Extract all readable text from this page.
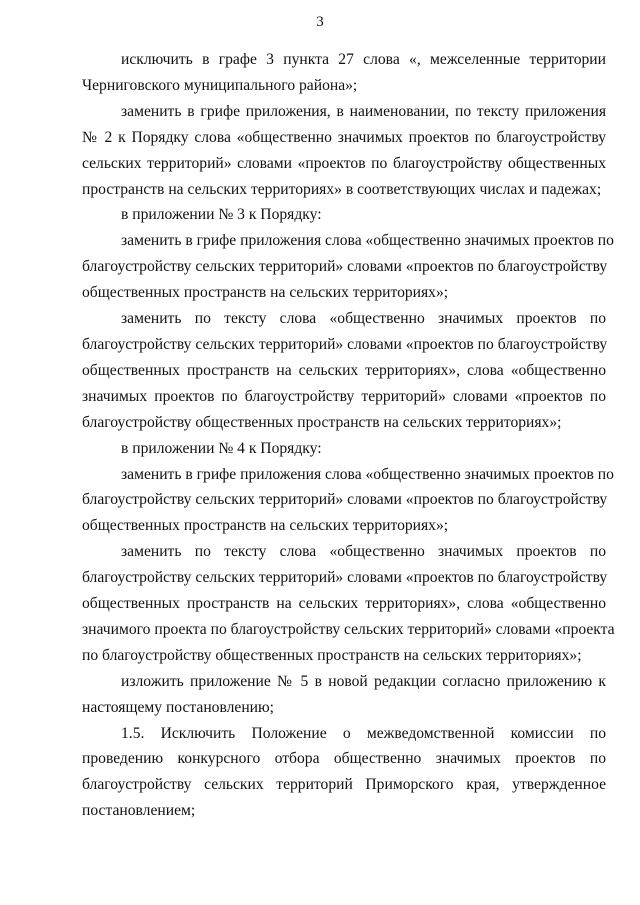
3
исключить в графе 3 пункта 27 слова «, межселенные территории
Черниговского муниципального района»;
заменить в грифе приложения, в наименовании, по тексту приложения
№ 2 к Порядку слова «общественно значимых проектов по благоустройству
сельских территорий» словами «проектов по благоустройству общественных
пространств на сельских территориях» в соответствующих числах и падежах;
в приложении № 3 к Порядку:
заменить в грифе приложения слова «общественно значимых проектов по
благоустройству сельских территорий» словами «проектов по благоустройству
общественных пространств на сельских территориях»;
заменить по тексту слова «общественно значимых проектов по
благоустройству сельских территорий» словами «проектов по благоустройству
общественных пространств на сельских территориях», слова «общественно
значимых проектов по благоустройству территорий» словами «проектов по
благоустройству общественных пространств на сельских территориях»;
в приложении № 4 к Порядку:
заменить в грифе приложения слова «общественно значимых проектов по
благоустройству сельских территорий» словами «проектов по благоустройству
общественных пространств на сельских территориях»;
заменить по тексту слова «общественно значимых проектов по
благоустройству сельских территорий» словами «проектов по благоустройству
общественных пространств на сельских территориях», слова «общественно
значимого проекта по благоустройству сельских территорий» словами «проекта
по благоустройству общественных пространств на сельских территориях»;
изложить приложение № 5 в новой редакции согласно приложению к
настоящему постановлению;
1.5. Исключить Положение о межведомственной комиссии по
проведению конкурсного отбора общественно значимых проектов по
благоустройству сельских территорий Приморского края, утвержденное
постановлением;
